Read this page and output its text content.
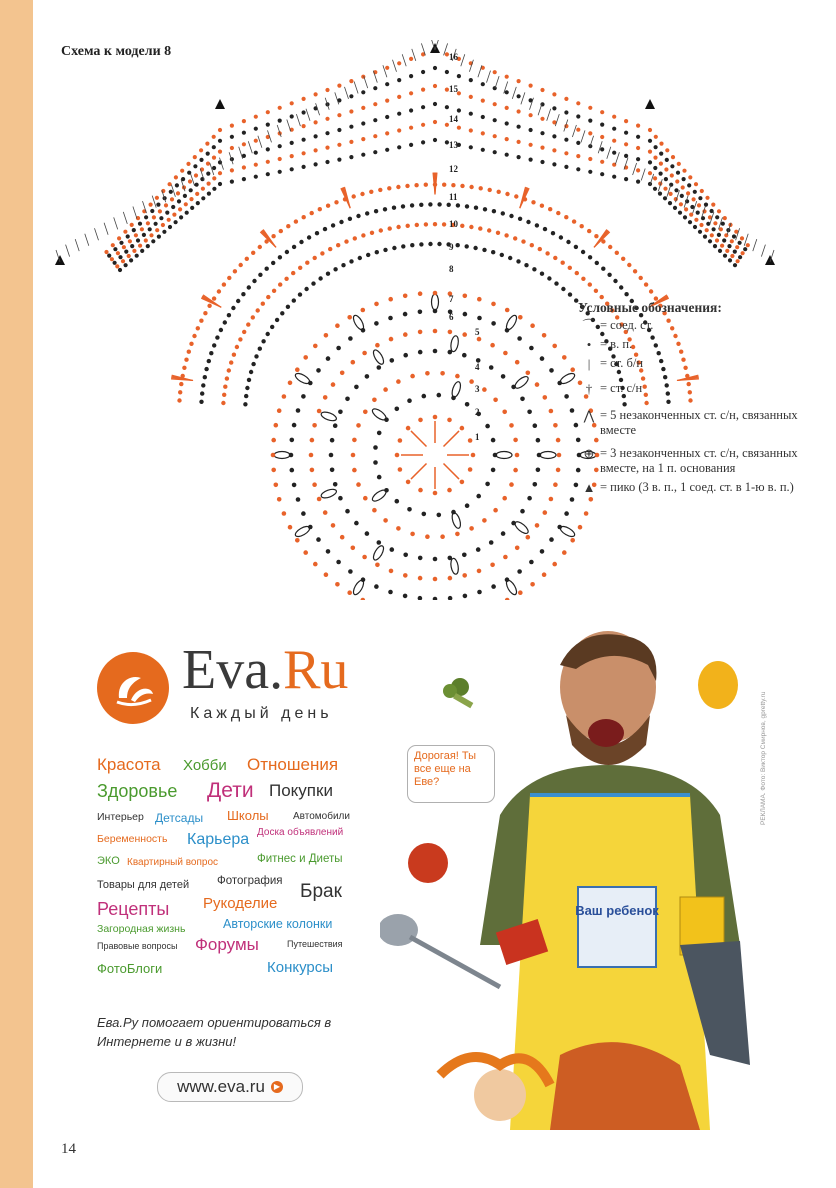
Схема к модели 8
1
2
3
4
5
6
7
8
9
10
11
12
13
14
15
16
Условные обозначения:
⌒ = соед. ст.
• = в. п.
| = ст. б/н
† = ст. с/н
⋀ = 5 незаконченных ст. с/н, связанных вместе
⊕ = 3 незаконченных ст. с/н, связанных вместе, на 1 п. основания
▲ = пико (3 в. п., 1 соед. ст. в 1-ю в. п.)
Eva.Ru
Каждый день
Красота Хобби Отношения
Здоровье Дети Покупки
Интерьер Детсады Школы Автомобили
Беременность Карьера Доска объявлений
ЭКО Квартирный вопрос	Фитнес и Диеты
Товары для детей Фотография Брак
Рецепты Рукоделие
Загородная жизнь	Авторские колонки
Правовые вопросы Форумы	Путешествия
ФотоБлоги	Конкурсы
Ева.Ру помогает ориентироваться в Интернете и в жизни!
www.eva.ru	▶
Ваш ребенок
Дорогая! Ты все еще на Еве?	РЕКЛАМА. Фото: Виктор Смирнов, gpretty.ru
14
